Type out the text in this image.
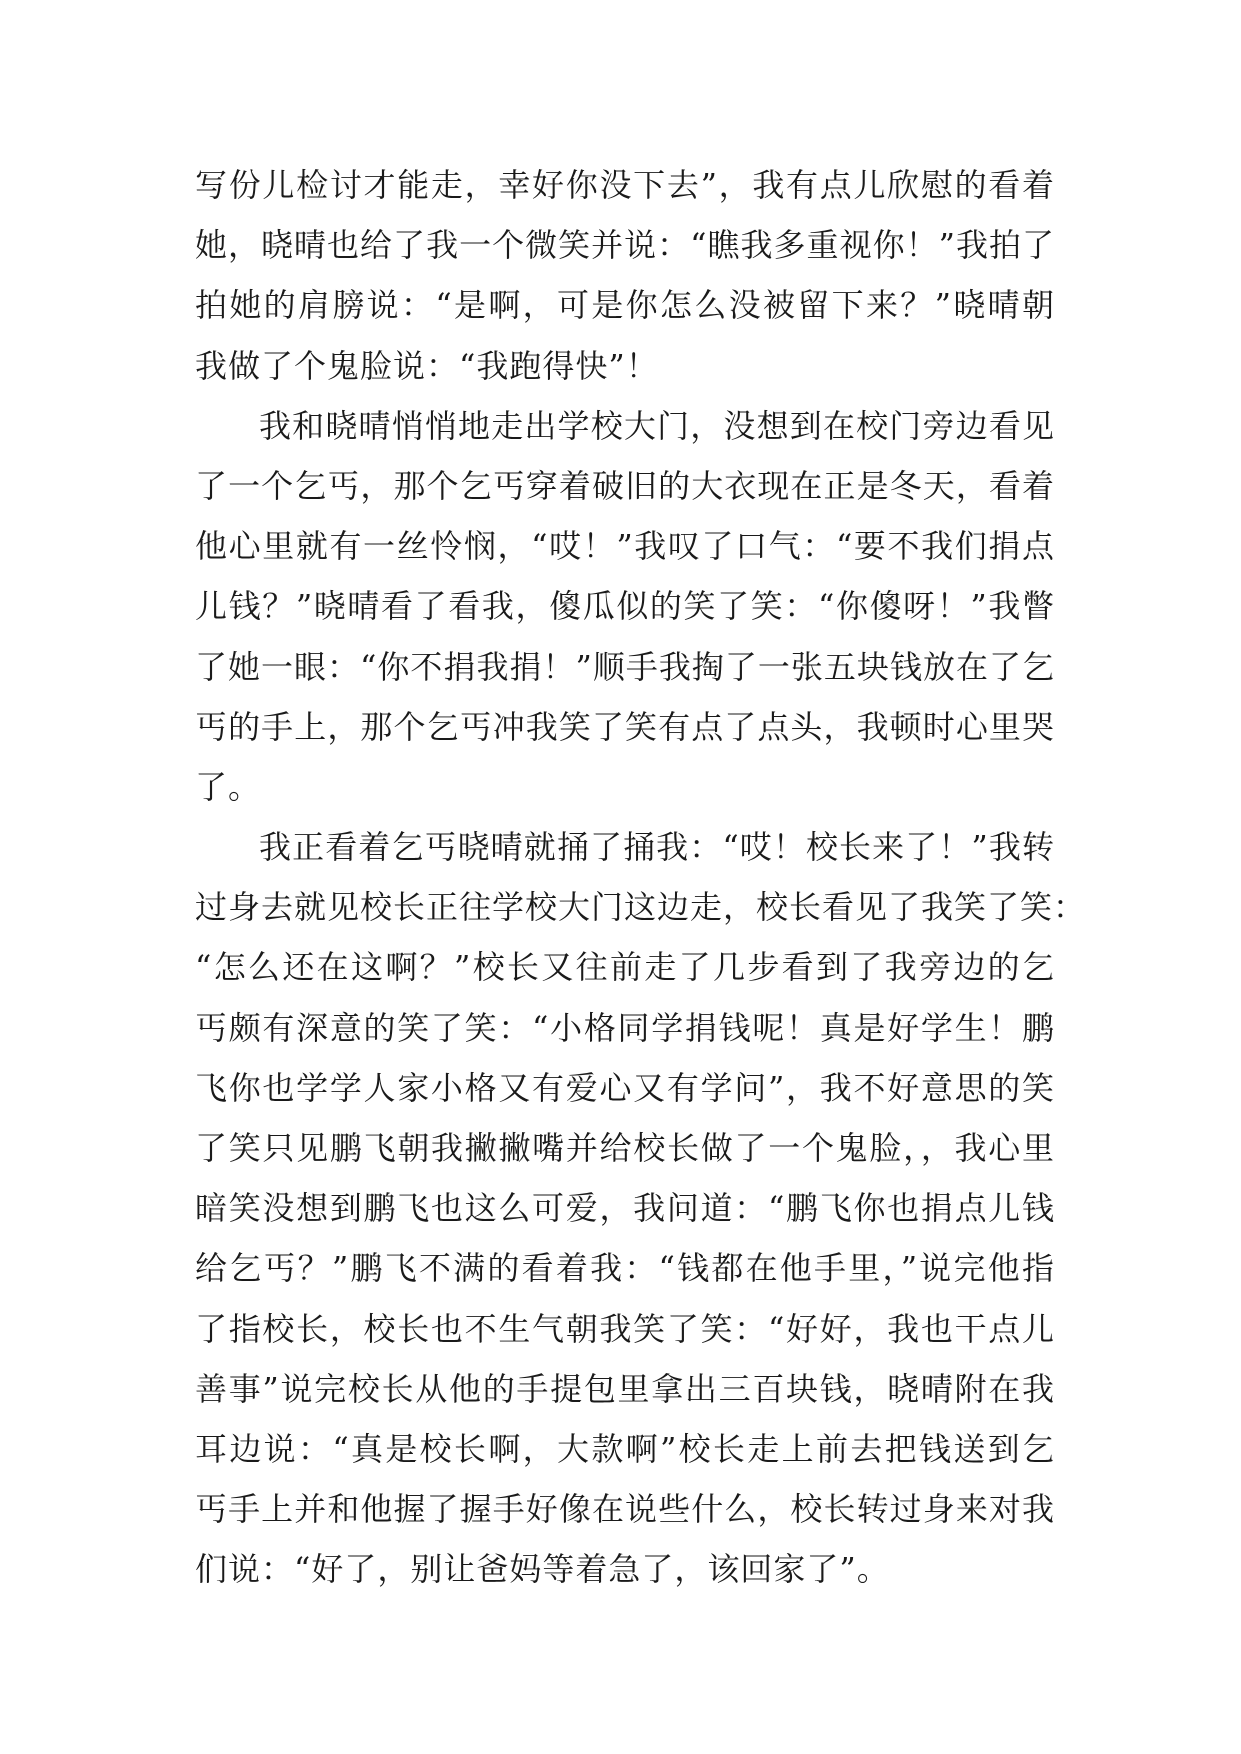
写份儿检讨才能走，幸好你没下去”，我有点儿欣慰的看着
她，晓晴也给了我一个微笑并说：“瞧我多重视你！”我拍了
拍她的肩膀说：“是啊，可是你怎么没被留下来？”晓晴朝
我做了个鬼脸说：“我跑得快”！
我和晓晴悄悄地走出学校大门，没想到在校门旁边看见
了一个乞丐，那个乞丐穿着破旧的大衣现在正是冬天，看着
他心里就有一丝怜悯，“哎！”我叹了口气：“要不我们捐点
儿钱？”晓晴看了看我，傻瓜似的笑了笑：“你傻呀！”我瞥
了她一眼：“你不捐我捐！”顺手我掏了一张五块钱放在了乞
丐的手上，那个乞丐冲我笑了笑有点了点头，我顿时心里哭
了。
我正看着乞丐晓晴就捅了捅我：“哎！校长来了！”我转
过身去就见校长正往学校大门这边走，校长看见了我笑了笑：
“怎么还在这啊？”校长又往前走了几步看到了我旁边的乞
丐颇有深意的笑了笑：“小格同学捐钱呢！真是好学生！鹏
飞你也学学人家小格又有爱心又有学问”，我不好意思的笑
了笑只见鹏飞朝我撇撇嘴并给校长做了一个鬼脸，，我心里
暗笑没想到鹏飞也这么可爱，我问道：“鹏飞你也捐点儿钱
给乞丐？”鹏飞不满的看着我：“钱都在他手里，”说完他指
了指校长，校长也不生气朝我笑了笑：“好好，我也干点儿
善事”说完校长从他的手提包里拿出三百块钱，晓晴附在我
耳边说：“真是校长啊，大款啊”校长走上前去把钱送到乞
丐手上并和他握了握手好像在说些什么，校长转过身来对我
们说：“好了，别让爸妈等着急了，该回家了”。
